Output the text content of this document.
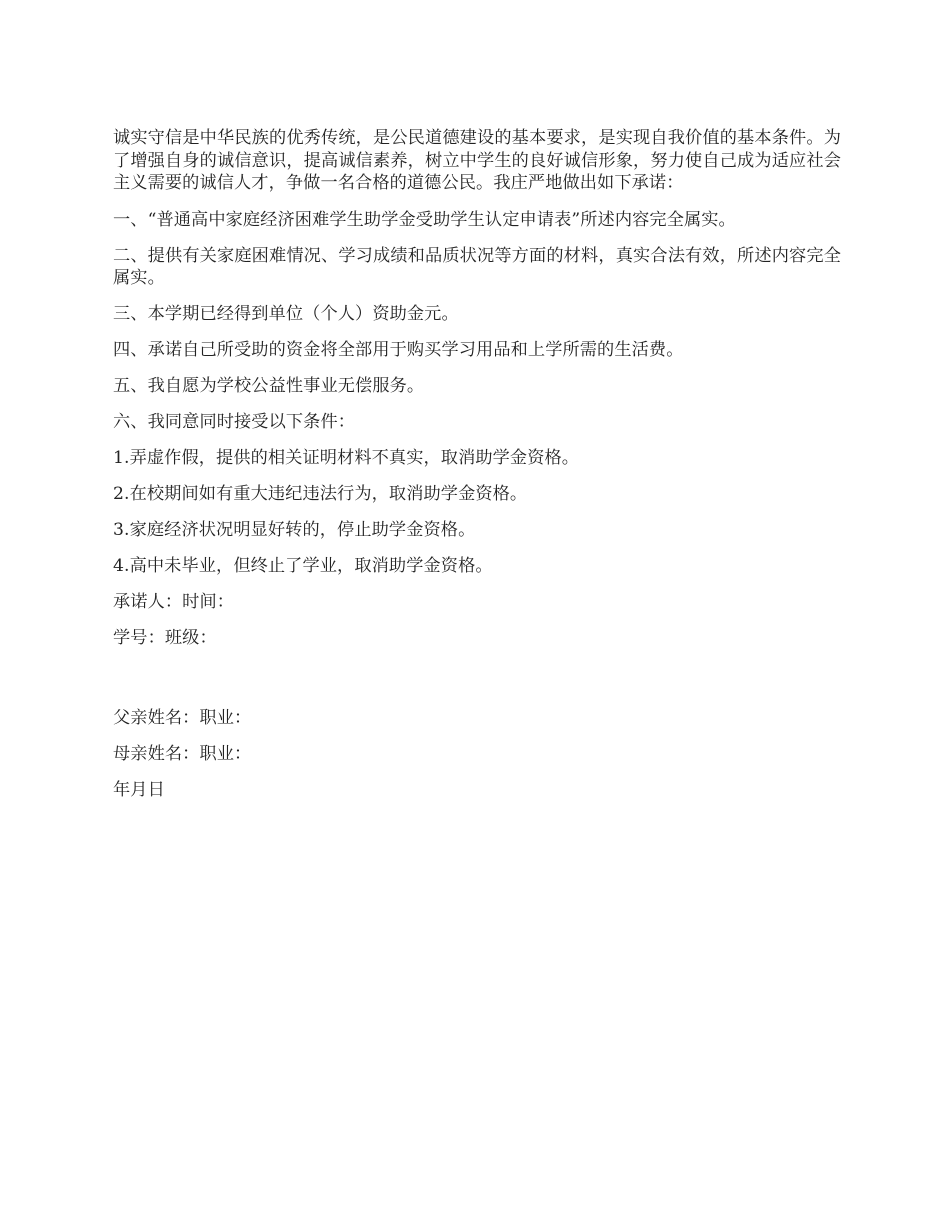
诚实守信是中华民族的优秀传统，是公民道德建设的基本要求，是实现自我价值的基本条件。为了增强自身的诚信意识，提高诚信素养，树立中学生的良好诚信形象，努力使自己成为适应社会主义需要的诚信人才，争做一名合格的道德公民。我庄严地做出如下承诺：

一、“普通高中家庭经济困难学生助学金受助学生认定申请表”所述内容完全属实。

二、提供有关家庭困难情况、学习成绩和品质状况等方面的材料，真实合法有效，所述内容完全属实。

三、本学期已经得到单位（个人）资助金元。

四、承诺自己所受助的资金将全部用于购买学习用品和上学所需的生活费。

五、我自愿为学校公益性事业无偿服务。

六、我同意同时接受以下条件：

1.弄虚作假，提供的相关证明材料不真实，取消助学金资格。

2.在校期间如有重大违纪违法行为，取消助学金资格。

3.家庭经济状况明显好转的，停止助学金资格。

4.高中未毕业，但终止了学业，取消助学金资格。

承诺人：时间：

学号：班级：

父亲姓名：职业：

母亲姓名：职业：

年月日
